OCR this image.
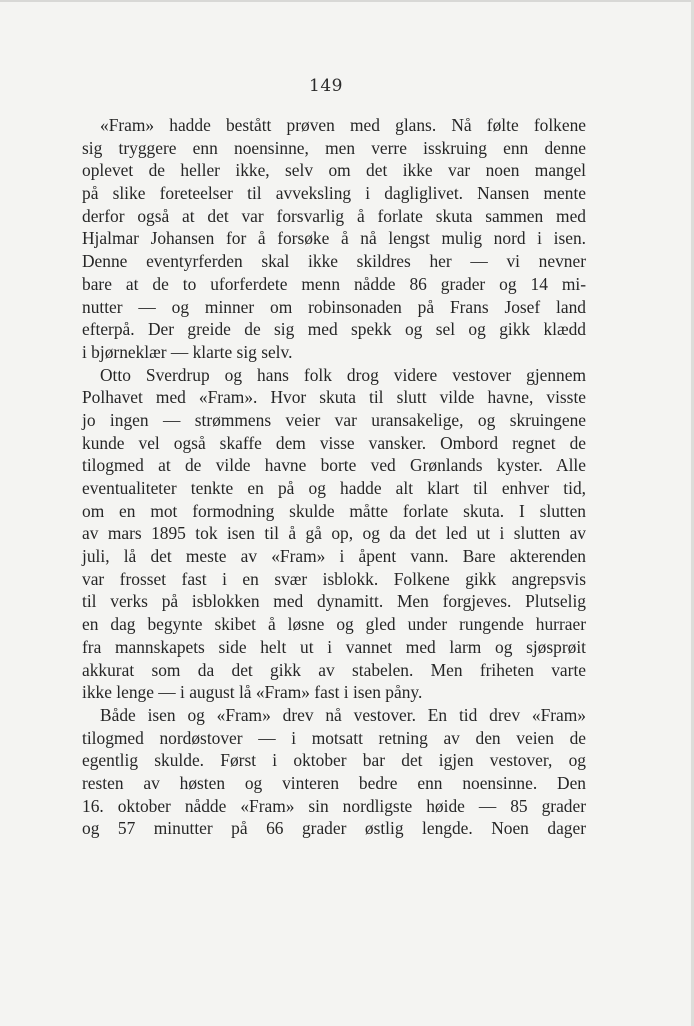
149
«Fram» hadde bestått prøven med glans. Nå følte folkene
sig tryggere enn noensinne, men verre isskruing enn denne
oplevet de heller ikke, selv om det ikke var noen mangel
på slike foreteelser til avveksling i dagliglivet. Nansen mente
derfor også at det var forsvarlig å forlate skuta sammen med
Hjalmar Johansen for å forsøke å nå lengst mulig nord i isen.
Denne eventyrferden skal ikke skildres her — vi nevner
bare at de to uforferdete menn nådde 86 grader og 14 mi-
nutter — og minner om robinsonaden på Frans Josef land
efterpå. Der greide de sig med spekk og sel og gikk klædd
i bjørneklær — klarte sig selv.
Otto Sverdrup og hans folk drog videre vestover gjennem
Polhavet med «Fram». Hvor skuta til slutt vilde havne, visste
jo ingen — strømmens veier var uransakelige, og skruingene
kunde vel også skaffe dem visse vansker. Ombord regnet de
tilogmed at de vilde havne borte ved Grønlands kyster. Alle
eventualiteter tenkte en på og hadde alt klart til enhver tid,
om en mot formodning skulde måtte forlate skuta. I slutten
av mars 1895 tok isen til å gå op, og da det led ut i slutten av
juli, lå det meste av «Fram» i åpent vann. Bare akterenden
var frosset fast i en svær isblokk. Folkene gikk angrepsvis
til verks på isblokken med dynamitt. Men forgjeves. Plutselig
en dag begynte skibet å løsne og gled under rungende hurraer
fra mannskapets side helt ut i vannet med larm og sjøsprøit
akkurat som da det gikk av stabelen. Men friheten varte
ikke lenge — i august lå «Fram» fast i isen påny.
Både isen og «Fram» drev nå vestover. En tid drev «Fram»
tilogmed nordøstover — i motsatt retning av den veien de
egentlig skulde. Først i oktober bar det igjen vestover, og
resten av høsten og vinteren bedre enn noensinne. Den
16. oktober nådde «Fram» sin nordligste høide — 85 grader
og 57 minutter på 66 grader østlig lengde. Noen dager
